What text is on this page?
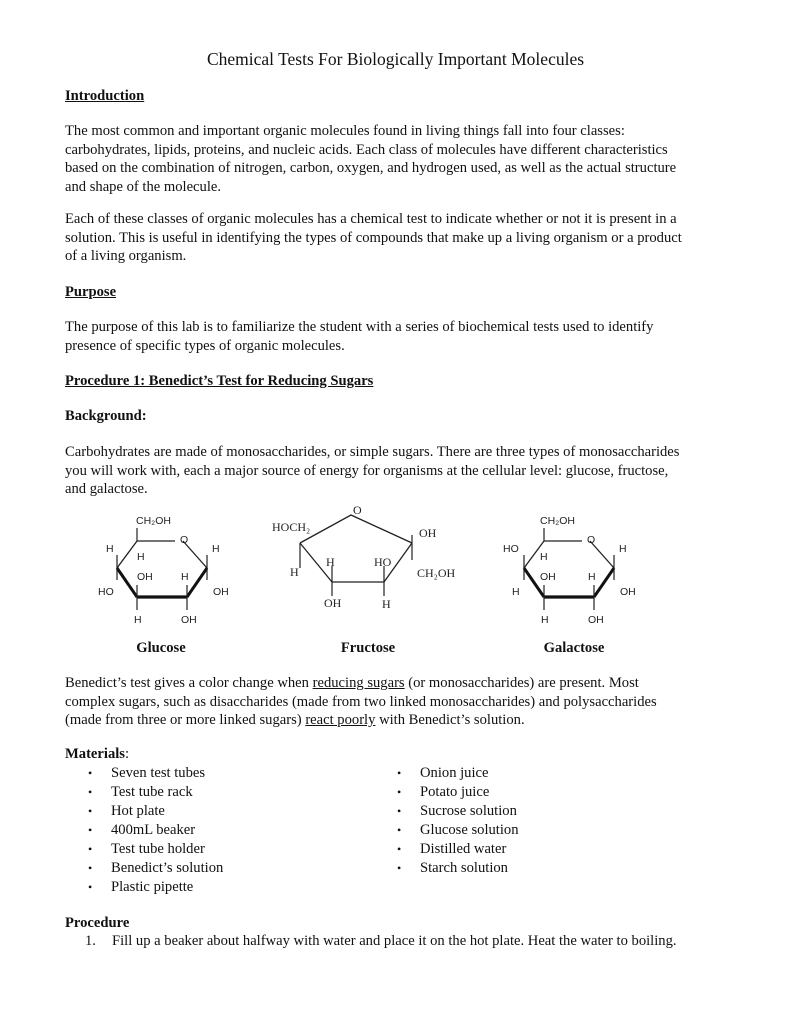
Chemical Tests For Biologically Important Molecules
Introduction
The most common and important organic molecules found in living things fall into four classes:
carbohydrates, lipids, proteins, and nucleic acids. Each class of molecules have different characteristics
based on the combination of nitrogen, carbon, oxygen, and hydrogen used, as well as the actual structure
and shape of the molecule.
Each of these classes of organic molecules has a chemical test to indicate whether or not it is present in a
solution. This is useful in identifying the types of compounds that make up a living organism or a product
of a living organism.
Purpose
The purpose of this lab is to familiarize the student with a series of biochemical tests used to identify
presence of specific types of organic molecules.
Procedure 1: Benedict’s Test for Reducing Sugars
Background:
Carbohydrates are made of monosaccharides, or simple sugars. There are three types of monosaccharides
you will work with, each a major source of energy for organisms at the cellular level: glucose, fructose,
and galactose.
CH₂OH
O
H
H
H
OH	H
HO	OH
H	OH
O
HOCH₂	OH
H
H	HO
CH₂OH
OH	H
CH₂OH
O
HO
H
H
OH	H
H	OH
H	OH
Glucose	Fructose	Galactose
Benedict’s test gives a color change when reducing sugars (or monosaccharides) are present. Most
complex sugars, such as disaccharides (made from two linked monosaccharides) and polysaccharides
(made from three or more linked sugars) react poorly with Benedict’s solution.
Materials:
• Seven test tubes
• Test tube rack
• Hot plate
• 400mL beaker
• Test tube holder
• Benedict’s solution
• Plastic pipette
• Onion juice
• Potato juice
• Sucrose solution
• Glucose solution
• Distilled water
• Starch solution
Procedure
1. Fill up a beaker about halfway with water and place it on the hot plate. Heat the water to boiling.
